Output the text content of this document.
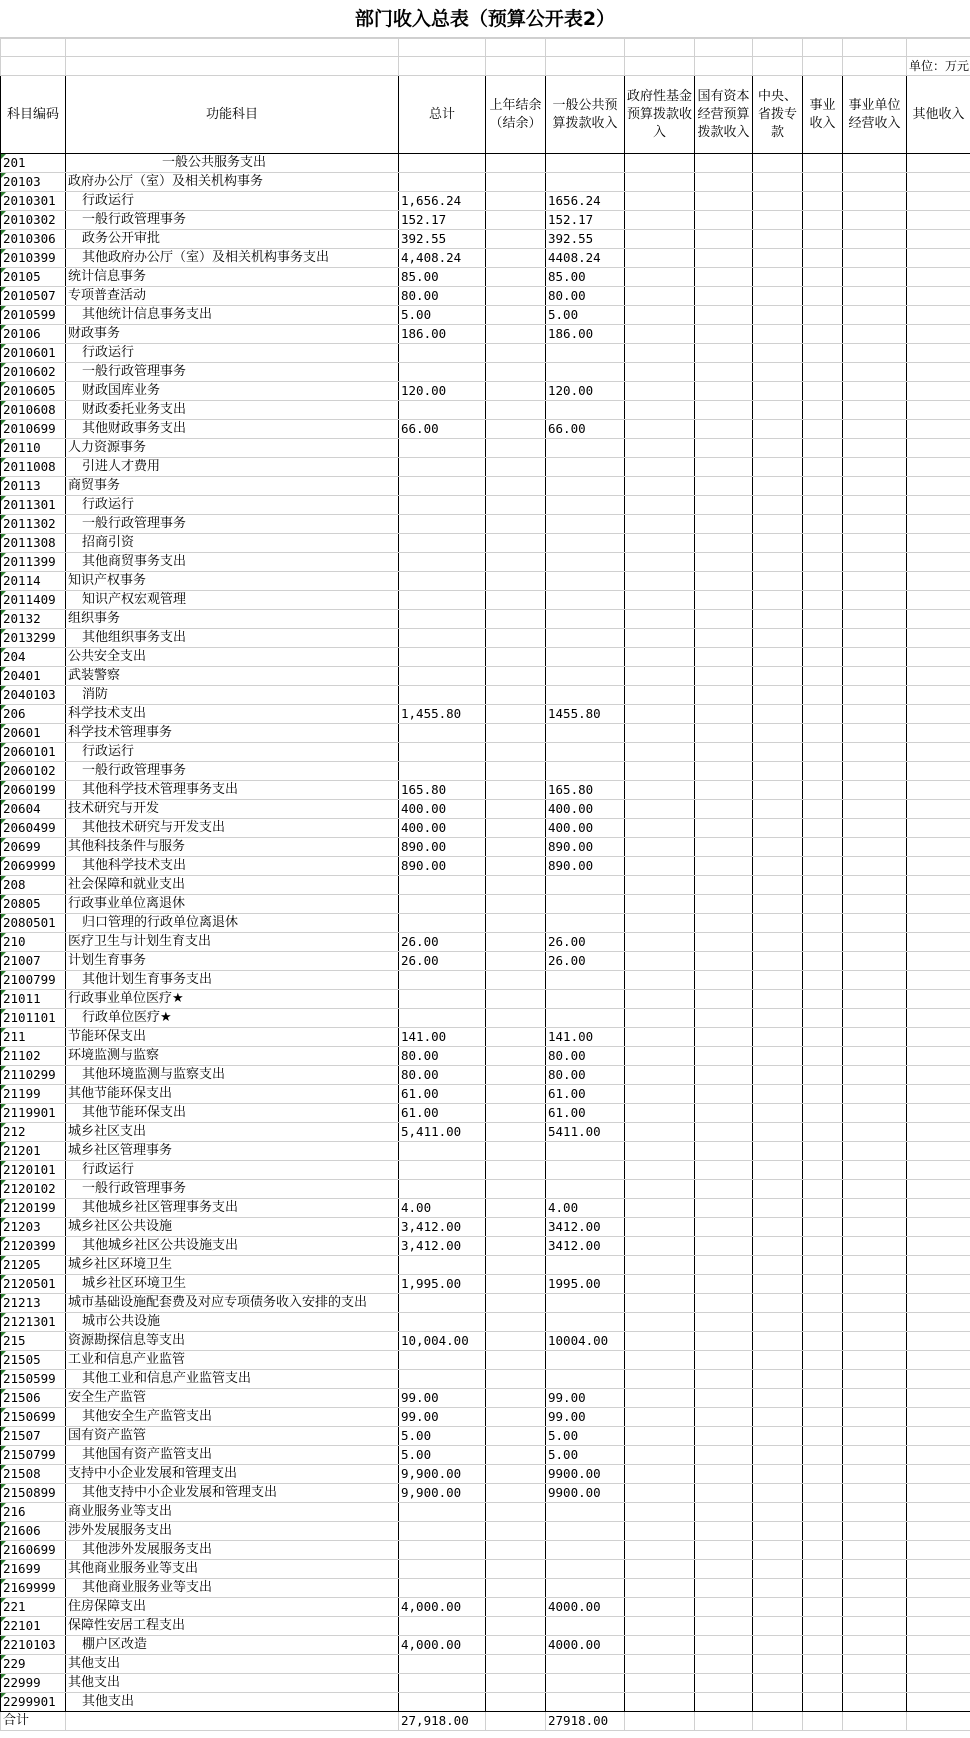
部门收入总表（预算公开表2）

										单位：万元
科目编码	功能科目	总计	上年结余（结余）	一般公共预算拨款收入	政府性基金预算拨款收入	国有资本经营预算拨款收入	中央、省拨专款	事业收入	事业单位经营收入	其他收入
201	一般公共服务支出									
20103	政府办公厅（室）及相关机构事务									
2010301	行政运行	1,656.24		1656.24						
2010302	一般行政管理事务	152.17		152.17						
2010306	政务公开审批	392.55		392.55						
2010399	其他政府办公厅（室）及相关机构事务支出	4,408.24		4408.24						
20105	统计信息事务	85.00		85.00						
2010507	专项普查活动	80.00		80.00						
2010599	其他统计信息事务支出	5.00		5.00						
20106	财政事务	186.00		186.00						
2010601	行政运行									
2010602	一般行政管理事务									
2010605	财政国库业务	120.00		120.00						
2010608	财政委托业务支出									
2010699	其他财政事务支出	66.00		66.00						
20110	人力资源事务									
2011008	引进人才费用									
20113	商贸事务									
2011301	行政运行									
2011302	一般行政管理事务									
2011308	招商引资									
2011399	其他商贸事务支出									
20114	知识产权事务									
2011409	知识产权宏观管理									
20132	组织事务									
2013299	其他组织事务支出									
204	公共安全支出									
20401	武装警察									
2040103	消防									
206	科学技术支出	1,455.80		1455.80						
20601	科学技术管理事务									
2060101	行政运行									
2060102	一般行政管理事务									
2060199	其他科学技术管理事务支出	165.80		165.80						
20604	技术研究与开发	400.00		400.00						
2060499	其他技术研究与开发支出	400.00		400.00						
20699	其他科技条件与服务	890.00		890.00						
2069999	其他科学技术支出	890.00		890.00						
208	社会保障和就业支出									
20805	行政事业单位离退休									
2080501	归口管理的行政单位离退休									
210	医疗卫生与计划生育支出	26.00		26.00						
21007	计划生育事务	26.00		26.00						
2100799	其他计划生育事务支出									
21011	行政事业单位医疗★									
2101101	行政单位医疗★									
211	节能环保支出	141.00		141.00						
21102	环境监测与监察	80.00		80.00						
2110299	其他环境监测与监察支出	80.00		80.00						
21199	其他节能环保支出	61.00		61.00						
2119901	其他节能环保支出	61.00		61.00						
212	城乡社区支出	5,411.00		5411.00						
21201	城乡社区管理事务									
2120101	行政运行									
2120102	一般行政管理事务									
2120199	其他城乡社区管理事务支出	4.00		4.00						
21203	城乡社区公共设施	3,412.00		3412.00						
2120399	其他城乡社区公共设施支出	3,412.00		3412.00						
21205	城乡社区环境卫生									
2120501	城乡社区环境卫生	1,995.00		1995.00						
21213	城市基础设施配套费及对应专项债务收入安排的支出									
2121301	城市公共设施									
215	资源勘探信息等支出	10,004.00		10004.00						
21505	工业和信息产业监管									
2150599	其他工业和信息产业监管支出									
21506	安全生产监管	99.00		99.00						
2150699	其他安全生产监管支出	99.00		99.00						
21507	国有资产监管	5.00		5.00						
2150799	其他国有资产监管支出	5.00		5.00						
21508	支持中小企业发展和管理支出	9,900.00		9900.00						
2150899	其他支持中小企业发展和管理支出	9,900.00		9900.00						
216	商业服务业等支出									
21606	涉外发展服务支出									
2160699	其他涉外发展服务支出									
21699	其他商业服务业等支出									
2169999	其他商业服务业等支出									
221	住房保障支出	4,000.00		4000.00						
22101	保障性安居工程支出									
2210103	棚户区改造	4,000.00		4000.00						
229	其他支出									
22999	其他支出									
2299901	其他支出									
合计		27,918.00		27918.00						
